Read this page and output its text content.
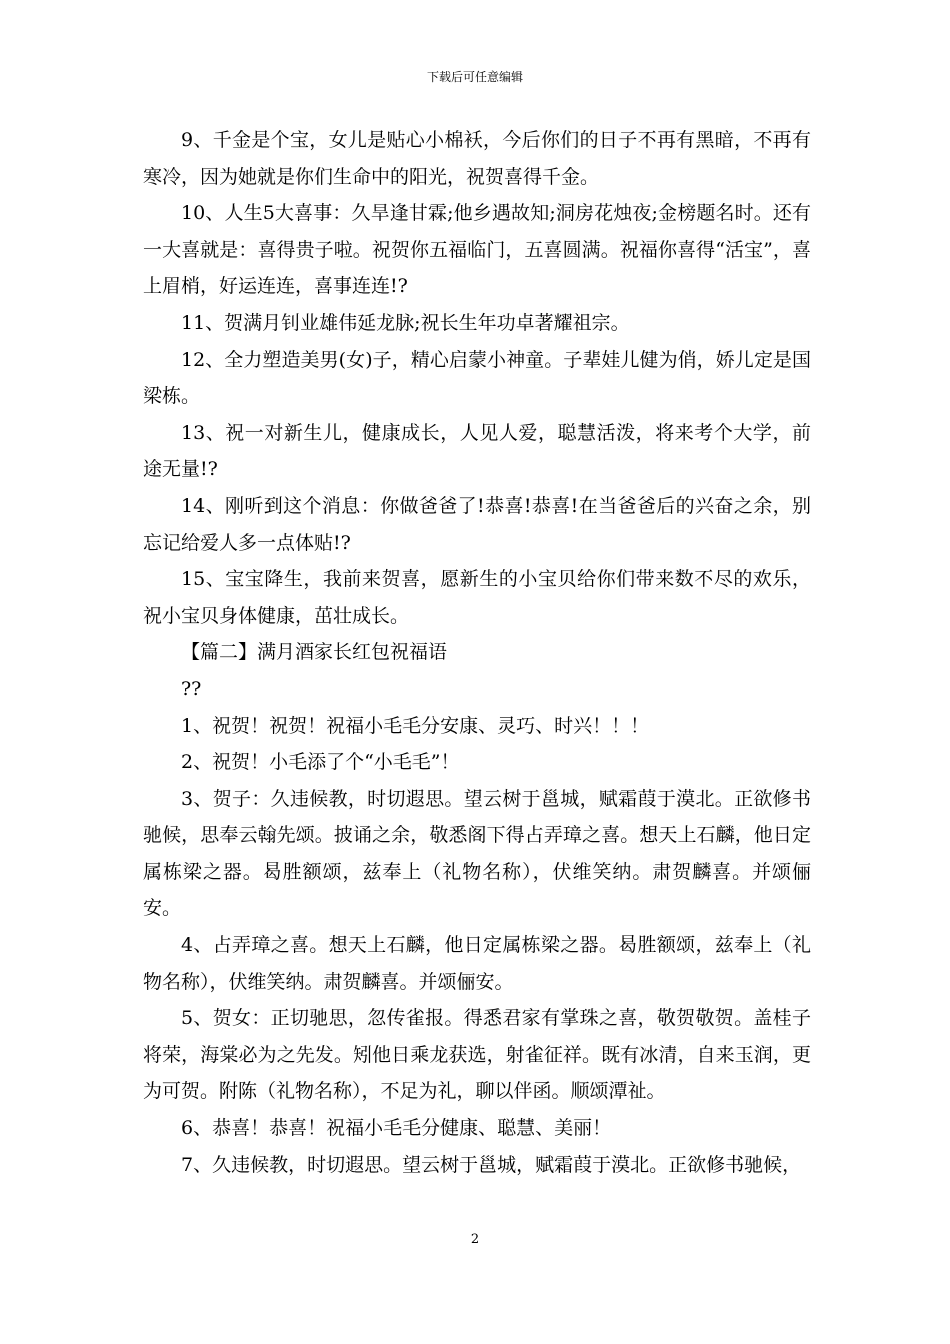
下载后可任意编辑

9、千金是个宝，女儿是贴心小棉袄，今后你们的日子不再有黑暗，不再有寒冷，因为她就是你们生命中的阳光，祝贺喜得千金。

10、人生5大喜事：久旱逢甘霖;他乡遇故知;洞房花烛夜;金榜题名时。还有一大喜就是：喜得贵子啦。祝贺你五福临门，五喜圆满。祝福你喜得“活宝”，喜上眉梢，好运连连，喜事连连!?

11、贺满月钊业雄伟延龙脉;祝长生年功卓著耀祖宗。

12、全力塑造美男(女)子，精心启蒙小神童。子辈娃儿健为俏，娇儿定是国梁栋。

13、祝一对新生儿，健康成长，人见人爱，聪慧活泼，将来考个大学，前途无量!?

14、刚听到这个消息：你做爸爸了!恭喜!恭喜!在当爸爸后的兴奋之余，别忘记给爱人多一点体贴!?

15、宝宝降生，我前来贺喜，愿新生的小宝贝给你们带来数不尽的欢乐，祝小宝贝身体健康，茁壮成长。

【篇二】满月酒家长红包祝福语

??

1、祝贺！祝贺！祝福小毛毛分安康、灵巧、时兴！！！

2、祝贺！小毛添了个“小毛毛”！

3、贺子：久违候教，时切遐思。望云树于邕城，赋霜葭于漠北。正欲修书驰候，思奉云翰先颂。披诵之余，敬悉阁下得占弄璋之喜。想天上石麟，他日定属栋梁之器。曷胜额颂，兹奉上（礼物名称），伏维笑纳。肃贺麟喜。并颂俪安。

4、占弄璋之喜。想天上石麟，他日定属栋梁之器。曷胜额颂，兹奉上（礼物名称），伏维笑纳。肃贺麟喜。并颂俪安。

5、贺女：正切驰思，忽传雀报。得悉君家有掌珠之喜，敬贺敬贺。盖桂子将荣，海棠必为之先发。矧他日乘龙获选，射雀征祥。既有冰清，自来玉润，更为可贺。附陈（礼物名称），不足为礼，聊以伴函。顺颂潭祉。

6、恭喜！恭喜！祝福小毛毛分健康、聪慧、美丽！

7、久违候教，时切遐思。望云树于邕城，赋霜葭于漠北。正欲修书驰候，

2
